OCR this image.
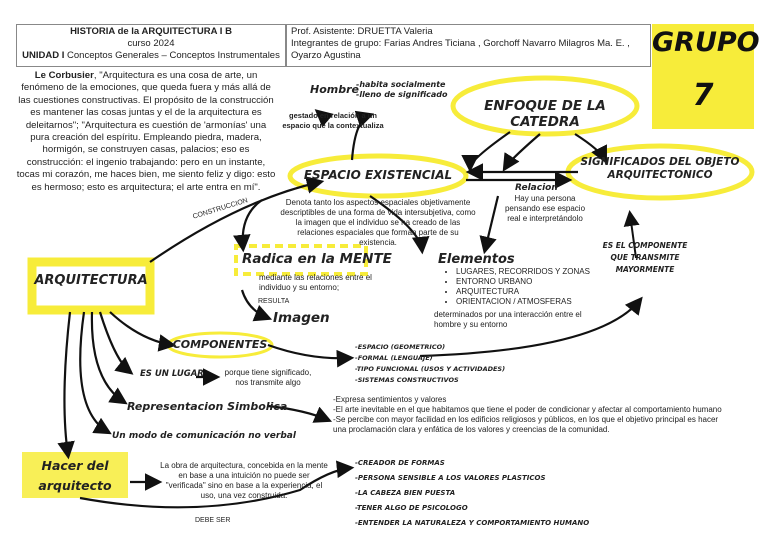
HISTORIA de la ARQUITECTURA I B
curso 2024
UNIDAD I Conceptos Generales – Conceptos Instrumentales
Prof. Asistente: DRUETTA Valeria
Integrantes de grupo: Farias Andres Ticiana , Gorchoff Navarro Milagros Ma. E. , Oyarzo Agustina	GRUPO
7
Le Corbusier, "Arquitectura es una cosa de arte, un fenómeno de la emociones, que queda fuera y más allá de las cuestiones constructivas. El propósito de la construcción es mantener las cosas juntas y el de la arquitectura es deleitarnos"; "Arquitectura es cuestión de 'armonías' una pura creación del espíritu. Empleando piedra, madera, hormigón, se construyen casas, palacios; eso es construcción: el ingenio trabajando: pero en un instante, tocas mi corazón, me haces bien, me siento feliz y digo: esto es hermoso; esto es arquitectura; el arte entra en mí".
Hombre
-habita socialmente
-lleno de significado
gestado en relación a un espacio que la contextualiza
ENFOQUE DE LA CATEDRA
ESPACIO EXISTENCIAL
Denota tanto los aspectos espaciales objetivamente descriptibles de una forma de vida intersubjetiva, como la imagen que el individuo se ha creado de las relaciones espaciales que forman parte de su existencia.
SIGNIFICADOS DEL OBJETO
ARQUITECTONICO
Relacion
Hay una persona pensando ese espacio real e interpretándolo
CONSTRUCCION
ARQUITECTURA
Radica en la MENTE
mediante las relaciones entre el individuo y su entorno;
RESULTA
Imagen
Elementos
• LUGARES, RECORRIDOS Y ZONAS
• ENTORNO URBANO
• ARQUITECTURA
• ORIENTACION / ATMOSFERAS
determinados por una interacción entre el hombre y su entorno
ES EL COMPONENTE
QUE TRANSMITE
MAYORMENTE
COMPONENTES	-ESPACIO (GEOMETRICO)
-FORMAL (LENGUAJE)
-TIPO FUNCIONAL (USOS Y ACTIVIDADES)
-SISTEMAS CONSTRUCTIVOS
ES UN LUGAR	porque tiene significado, nos transmite algo
Representacion Simbolica
-Expresa sentimientos y valores
-El arte inevitable en el que habitamos que tiene el poder de condicionar y afectar al comportamiento humano
-Se percibe con mayor facilidad en los edificios religiosos y públicos, en los que el objetivo principal es hacer una proclamación clara y enfática de los valores y creencias de la comunidad.
Un modo de comunicación no verbal
Hacer del
arquitecto
La obra de arquitectura, concebida en la mente en base a una intuición no puede ser "verificada" sino en base a la experiencia, el uso, una vez construida.
DEBE SER
-CREADOR DE FORMAS
-PERSONA SENSIBLE A LOS VALORES PLASTICOS
-LA CABEZA BIEN PUESTA
-TENER ALGO DE PSICOLOGO
-ENTENDER LA NATURALEZA Y COMPORTAMIENTO HUMANO
